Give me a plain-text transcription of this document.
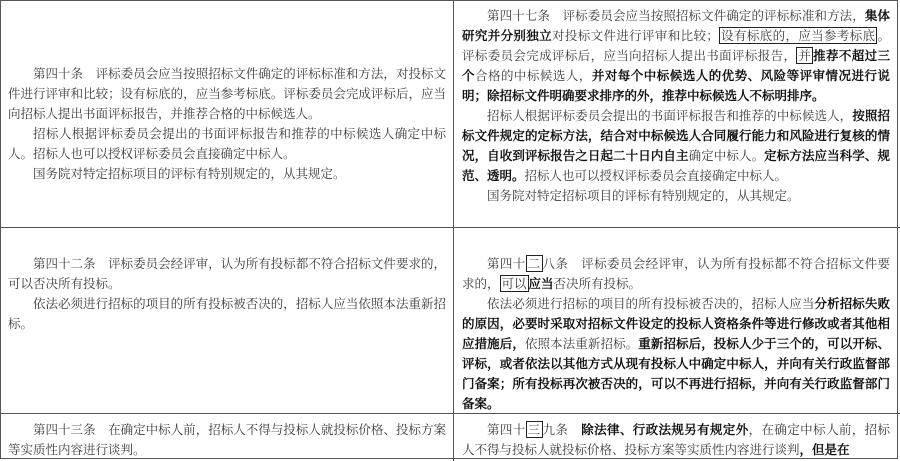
第四十条　评标委员会应当按照招标文件确定的评标标准和方法，对投标文件进行评审和比较；设有标底的，应当参考标底。评标委员会完成评标后，应当向招标人提出书面评标报告，并推荐合格的中标候选人。

招标人根据评标委员会提出的书面评标报告和推荐的中标候选人确定中标人。招标人也可以授权评标委员会直接确定中标人。

国务院对特定招标项目的评标有特别规定的，从其规定。

第四十七条　评标委员会应当按照招标文件确定的评标标准和方法，集体研究并分别独立对投标文件进行评审和比较； 设有标底的，应当参考标底 。评标委员会完成评标后，应当向招标人提出书面评标报告， 并 推荐不超过三个合格的中标候选人，并对每个中标候选人的优势、风险等评审情况进行说明；除招标文件明确要求排序的外，推荐中标候选人不标明排序。

招标人根据评标委员会提出的书面评标报告和推荐的中标候选人，按照招标文件规定的定标方法，结合对中标候选人合同履行能力和风险进行复核的情况，自收到评标报告之日起二十日内自主确定中标人。定标方法应当科学、规范、透明。招标人也可以授权评标委员会直接确定中标人。

国务院对特定招标项目的评标有特别规定的，从其规定。

第四十二条　评标委员会经评审，认为所有投标都不符合招标文件要求的，可以否决所有投标。

依法必须进行招标的项目的所有投标被否决的，招标人应当依照本法重新招标。

第四十 二 八条　评标委员会经评审，认为所有投标都不符合招标文件要求的， 可以 应当否决所有投标。

依法必须进行招标的项目的所有投标被否决的，招标人应当分析招标失败的原因，必要时采取对招标文件设定的投标人资格条件等进行修改或者其他相应措施后，依照本法重新招标。重新招标后，投标人少于三个的，可以开标、评标，或者依法以其他方式从现有投标人中确定中标人，并向有关行政监督部门备案；所有投标再次被否决的，可以不再进行招标，并向有关行政监督部门备案。

第四十三条　在确定中标人前，招标人不得与投标人就投标价格、投标方案等实质性内容进行谈判。

第四十 三 九条　除法律、行政法规另有规定外，在确定中标人前，招标人不得与投标人就投标价格、投标方案等实质性内容进行谈判，但是在
